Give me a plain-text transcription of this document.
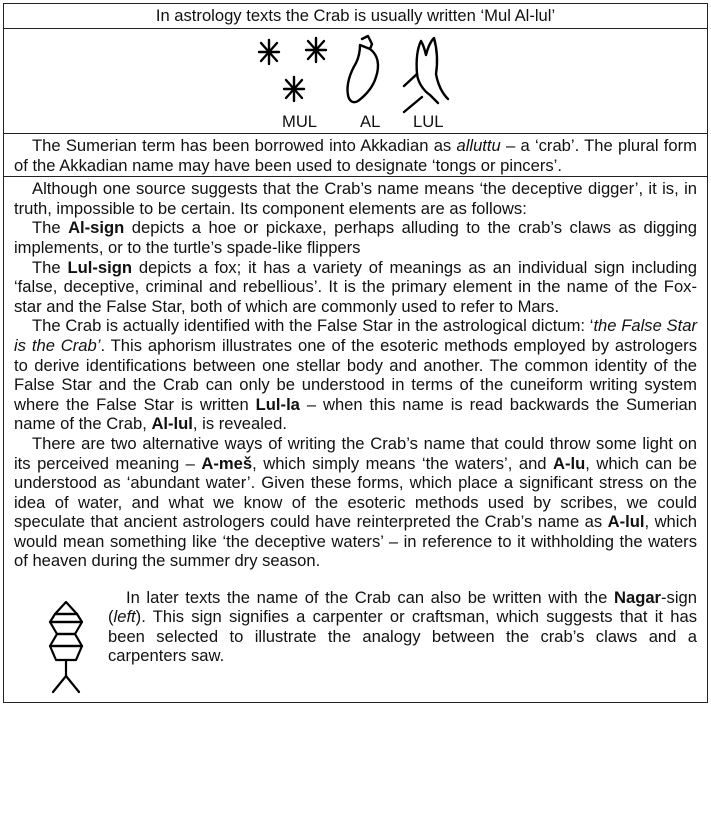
In astrology texts the Crab is usually written ‘Mul Al-lul’
MUL	AL LUL

The Sumerian term has been borrowed into Akkadian as alluttu – a ‘crab’. The plural form of the Akkadian name may have been used to designate ‘tongs or pincers’.

Although one source suggests that the Crab’s name means ‘the deceptive digger’, it is, in truth, impossible to be certain. Its component elements are as follows:

The Al-sign depicts a hoe or pickaxe, perhaps alluding to the crab’s claws as digging implements, or to the turtle’s spade-like flippers

The Lul-sign depicts a fox; it has a variety of meanings as an individual sign including ‘false, deceptive, criminal and rebellious’. It is the primary element in the name of the Fox-star and the False Star, both of which are commonly used to refer to Mars.

The Crab is actually identified with the False Star in the astrological dictum: ‘the False Star is the Crab’. This aphorism illustrates one of the esoteric methods employed by astrologers to derive identifications between one stellar body and another. The common identity of the False Star and the Crab can only be understood in terms of the cuneiform writing system where the False Star is written Lul-la – when this name is read backwards the Sumerian name of the Crab, Al-lul, is revealed.

There are two alternative ways of writing the Crab’s name that could throw some light on its perceived meaning – A-meš, which simply means ‘the waters’, and A-lu, which can be understood as ‘abundant water’. Given these forms, which place a significant stress on the idea of water, and what we know of the esoteric methods used by scribes, we could speculate that ancient astrologers could have reinterpreted the Crab’s name as A-lul, which would mean something like ‘the deceptive waters’ – in reference to it withholding the waters of heaven during the summer dry season.

In later texts the name of the Crab can also be written with the Nagar-sign (left). This sign signifies a carpenter or craftsman, which suggests that it has been selected to illustrate the analogy between the crab’s claws and a carpenters saw.
